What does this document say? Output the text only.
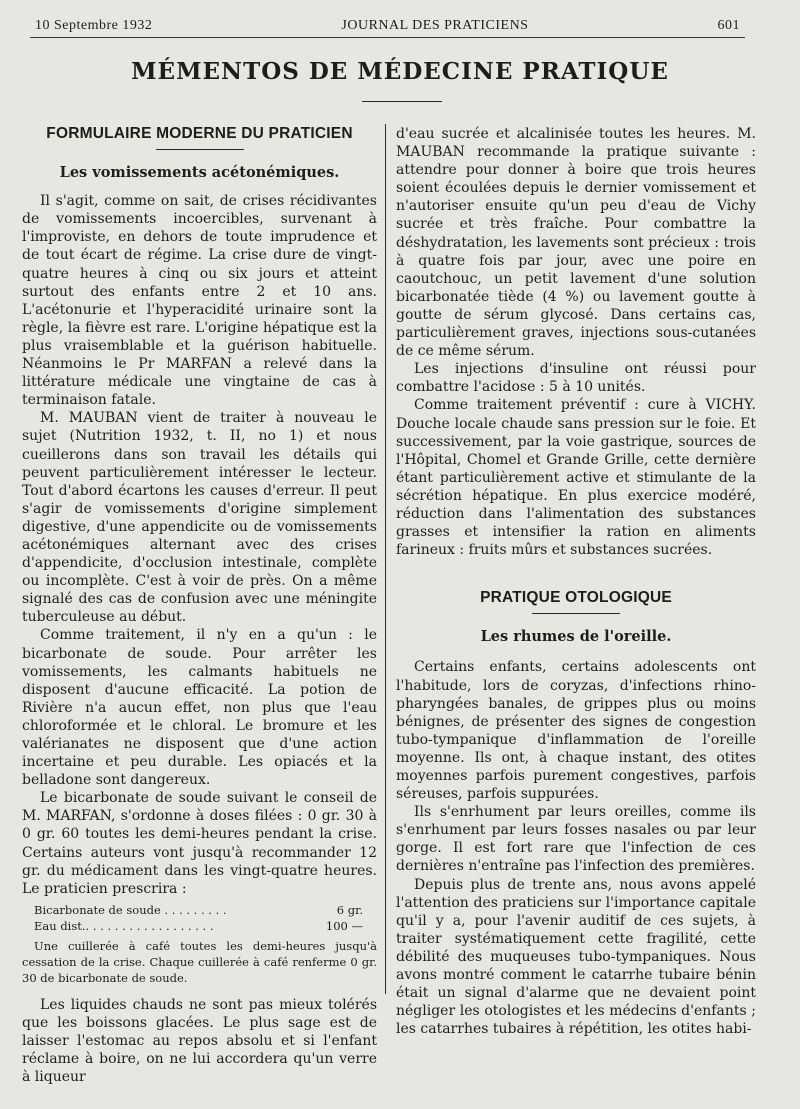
10 Septembre 1932	JOURNAL DES PRATICIENS	601
MÉMENTOS DE MÉDECINE PRATIQUE
FORMULAIRE MODERNE DU PRATICIEN
Les vomissements acétonémiques.

Il s'agit, comme on sait, de crises récidivantes de vomissements incoercibles, survenant à l'improviste, en dehors de toute imprudence et de tout écart de régime. La crise dure de vingt-quatre heures à cinq ou six jours et atteint surtout des enfants entre 2 et 10 ans. L'acétonurie et l'hyperacidité urinaire sont la règle, la fièvre est rare. L'origine hépatique est la plus vraisemblable et la guérison habituelle. Néanmoins le Pr MARFAN a relevé dans la littérature médicale une vingtaine de cas à terminaison fatale.

M. MAUBAN vient de traiter à nouveau le sujet (Nutrition 1932, t. II, no 1) et nous cueillerons dans son travail les détails qui peuvent particulièrement intéresser le lecteur. Tout d'abord écartons les causes d'erreur. Il peut s'agir de vomissements d'origine simplement digestive, d'une appendicite ou de vomissements acétonémiques alternant avec des crises d'appendicite, d'occlusion intestinale, complète ou incomplète. C'est à voir de près. On a même signalé des cas de confusion avec une méningite tuberculeuse au début.

Comme traitement, il n'y en a qu'un : le bicarbonate de soude. Pour arrêter les vomissements, les calmants habituels ne disposent d'aucune efficacité. La potion de Rivière n'a aucun effet, non plus que l'eau chloroformée et le chloral. Le bromure et les valérianates ne disposent que d'une action incertaine et peu durable. Les opiacés et la belladone sont dangereux.

Le bicarbonate de soude suivant le conseil de M. MARFAN, s'ordonne à doses filées : 0 gr. 30 à 0 gr. 60 toutes les demi-heures pendant la crise. Certains auteurs vont jusqu'à recommander 12 gr. du médicament dans les vingt-quatre heures. Le praticien prescrira :

Bicarbonate de soude . . . . . . . . .	6 gr.
Eau dist.. . . . . . . . . . . . . . . . . .	100 —

Une cuillerée à café toutes les demi-heures jusqu'à cessation de la crise. Chaque cuillerée à café renferme 0 gr. 30 de bicarbonate de soude.

Les liquides chauds ne sont pas mieux tolérés que les boissons glacées. Le plus sage est de laisser l'estomac au repos absolu et si l'enfant réclame à boire, on ne lui accordera qu'un verre à liqueur

d'eau sucrée et alcalinisée toutes les heures. M. MAUBAN recommande la pratique suivante : attendre pour donner à boire que trois heures soient écoulées depuis le dernier vomissement et n'autoriser ensuite qu'un peu d'eau de Vichy sucrée et très fraîche. Pour combattre la déshydratation, les lavements sont précieux : trois à quatre fois par jour, avec une poire en caoutchouc, un petit lavement d'une solution bicarbonatée tiède (4 %) ou lavement goutte à goutte de sérum glycosé. Dans certains cas, particulièrement graves, injections sous-cutanées de ce même sérum.

Les injections d'insuline ont réussi pour combattre l'acidose : 5 à 10 unités.

Comme traitement préventif : cure à VICHY. Douche locale chaude sans pression sur le foie. Et successivement, par la voie gastrique, sources de l'Hôpital, Chomel et Grande Grille, cette dernière étant particulièrement active et stimulante de la sécrétion hépatique. En plus exercice modéré, réduction dans l'alimentation des substances grasses et intensifier la ration en aliments farineux : fruits mûrs et substances sucrées.

PRATIQUE OTOLOGIQUE
Les rhumes de l'oreille.

Certains enfants, certains adolescents ont l'habitude, lors de coryzas, d'infections rhino-pharyngées banales, de grippes plus ou moins bénignes, de présenter des signes de congestion tubo-tympanique d'inflammation de l'oreille moyenne. Ils ont, à chaque instant, des otites moyennes parfois purement congestives, parfois séreuses, parfois suppurées.

Ils s'enrhument par leurs oreilles, comme ils s'enrhument par leurs fosses nasales ou par leur gorge. Il est fort rare que l'infection de ces dernières n'entraîne pas l'infection des premières.

Depuis plus de trente ans, nous avons appelé l'attention des praticiens sur l'importance capitale qu'il y a, pour l'avenir auditif de ces sujets, à traiter systématiquement cette fragilité, cette débilité des muqueuses tubo-tympaniques. Nous avons montré comment le catarrhe tubaire bénin était un signal d'alarme que ne devaient point négliger les otologistes et les médecins d'enfants ; les catarrhes tubaires à répétition, les otites habi-
